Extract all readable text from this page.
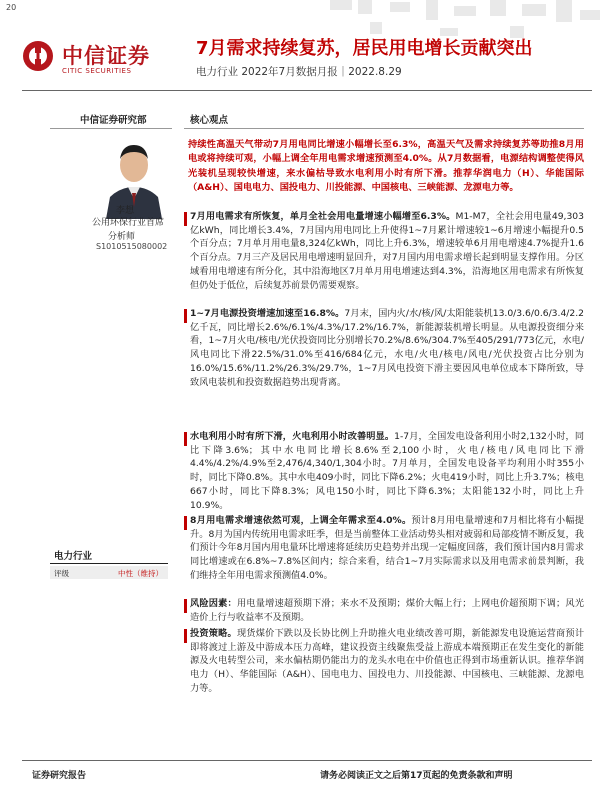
20
中信证券
CITIC SECURITIES
7月需求持续复苏，居民用电增长贡献突出
电力行业 2022年7月数据月报｜2022.8.29
中信证券研究部	核心观点
李想
公用环保行业首席
分析师
S1010515080002
持续性高温天气带动7月用电同比增速小幅增长至6.3%，高温天气及需求持续复苏等助推8月用电或将持续可观，小幅上调全年用电需求增速预测至4.0%。从7月数据看，电源结构调整使得风光装机呈现较快增速，来水偏枯导致水电利用小时有所下滑。推荐华润电力（H）、华能国际（A&H）、国电电力、国投电力、川投能源、中国核电、三峡能源、龙源电力等。
7月用电需求有所恢复，单月全社会用电量增速小幅增至6.3%。M1-M7，全社会用电量49,303亿kWh，同比增长3.4%，7月国内用电同比上升使得1~7月累计增速较1~6月增速小幅提升0.5个百分点；7月单月用电量8,324亿kWh，同比上升6.3%，增速较单6月用电增速4.7%提升1.6个百分点。7月三产及居民用电增速明显回升，对7月国内用电需求增长起到明显支撑作用。分区域看用电增速有所分化，其中沿海地区7月单月用电增速达到4.3%，沿海地区用电需求有所恢复但仍处于低位，后续复苏前景仍需要观察。
1~7月电源投资增速加速至16.8%。7月末，国内火/水/核/风/太阳能装机13.0/3.6/0.6/3.4/2.2亿千瓦，同比增长2.6%/6.1%/4.3%/17.2%/16.7%，新能源装机增长明显。从电源投资细分来看，1~7月火电/核电/光伏投资同比分别增长70.2%/8.6%/304.7%至405/291/773亿元，水电/风电同比下滑22.5%/31.0%至416/684亿元，水电/火电/核电/风电/光伏投资占比分别为16.0%/15.6%/11.2%/26.3%/29.7%，1~7月风电投资下滑主要因风电单位成本下降所致，导致风电装机和投资数据趋势出现背离。
水电利用小时有所下滑，火电利用小时改善明显。1-7月，全国发电设备利用小时2,132小时，同比下降3.6%；其中水电同比增长8.6%至2,100小时，火电/核电/风电同比下滑4.4%/4.2%/4.9%至2,476/4,340/1,304小时。7月单月，全国发电设备平均利用小时355小时，同比下降0.8%。其中水电409小时，同比下降6.2%；火电419小时，同比上升3.7%；核电667小时，同比下降8.3%；风电150小时，同比下降6.3%；太阳能132小时，同比上升10.9%。
8月用电需求增速依然可观，上调全年需求至4.0%。预计8月用电量增速和7月相比将有小幅提升。8月为国内传统用电需求旺季，但是当前整体工业活动势头相对疲弱和局部疫情不断反复，我们预计今年8月国内用电量环比增速将延续历史趋势并出现一定幅度回落，我们预计国内8月需求同比增速或在6.8%~7.8%区间内；综合来看，结合1~7月实际需求以及用电需求前景判断，我们维持全年用电需求预测值4.0%。
风险因素：用电量增速超预期下滑；来水不及预期；煤价大幅上行；上网电价超预期下调；风光造价上行与收益率不及预期。
投资策略。现货煤价下跌以及长协比例上升助推火电业绩改善可期，新能源发电设施运营商预计即将渡过上游及中游成本压力高峰，建议投资主线聚焦受益上游成本端预期正在发生变化的新能源及火电转型公司，来水偏枯期仍能出力的龙头水电在中价值也正得到市场重新认识。推荐华润电力（H）、华能国际（A&H）、国电电力、国投电力、川投能源、中国核电、三峡能源、龙源电力等。
电力行业
评级	中性（维持）
证券研究报告	请务必阅读正文之后第17页起的免责条款和声明
